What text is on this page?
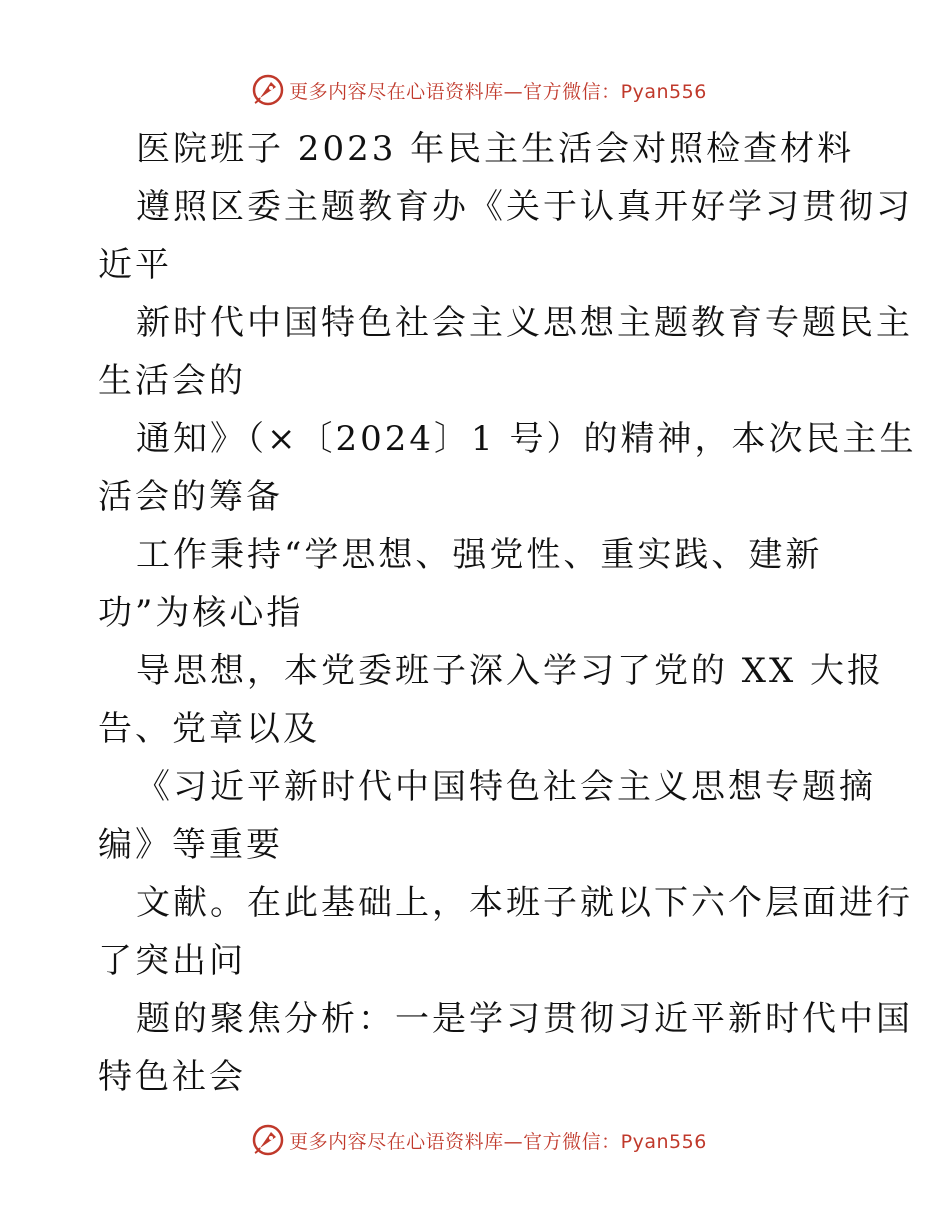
更多内容尽在心语资料库—官方微信：Pyan556
医院班子 2023 年民主生活会对照检查材料
遵照区委主题教育办《关于认真开好学习贯彻习
近平
新时代中国特色社会主义思想主题教育专题民主
生活会的
通知》（×〔2024〕1 号）的精神，本次民主生
活会的筹备
工作秉持“学思想、强党性、重实践、建新
功”为核心指
导思想，本党委班子深入学习了党的 XX 大报
告、党章以及
《习近平新时代中国特色社会主义思想专题摘
编》等重要
文献。在此基础上，本班子就以下六个层面进行
了突出问
题的聚焦分析：一是学习贯彻习近平新时代中国
特色社会
更多内容尽在心语资料库—官方微信：Pyan556
